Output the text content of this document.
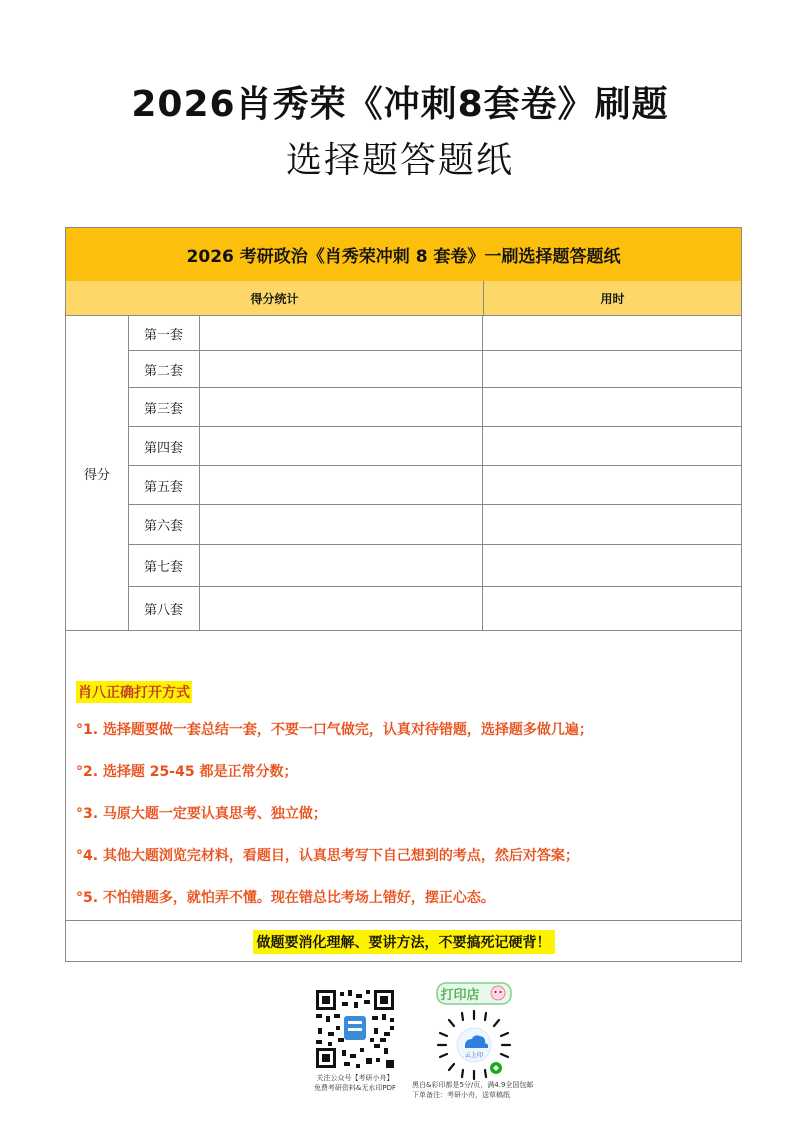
2026肖秀荣《冲刺8套卷》刷题
选择题答题纸
2026 考研政治《肖秀荣冲刺 8 套卷》一刷选择题答题纸
得分统计	用时
得分
第一套
第二套
第三套
第四套
第五套
第六套
第七套
第八套
肖八正确打开方式
°1. 选择题要做一套总结一套，不要一口气做完，认真对待错题，选择题多做几遍；
°2. 选择题 25-45 都是正常分数；
°3. 马原大题一定要认真思考、独立做；
°4. 其他大题浏览完材料，看题目，认真思考写下自己想到的考点，然后对答案；
°5. 不怕错题多，就怕弄不懂。现在错总比考场上错好，摆正心态。
做题要消化理解、要讲方法，不要搞死记硬背！
关注公众号【考研小舟】
免费考研资料&无水印PDF
打印店
云上印
黑白&彩印都是5分/页，满4.9全国包邮
下单备注：考研小舟，送草稿纸
